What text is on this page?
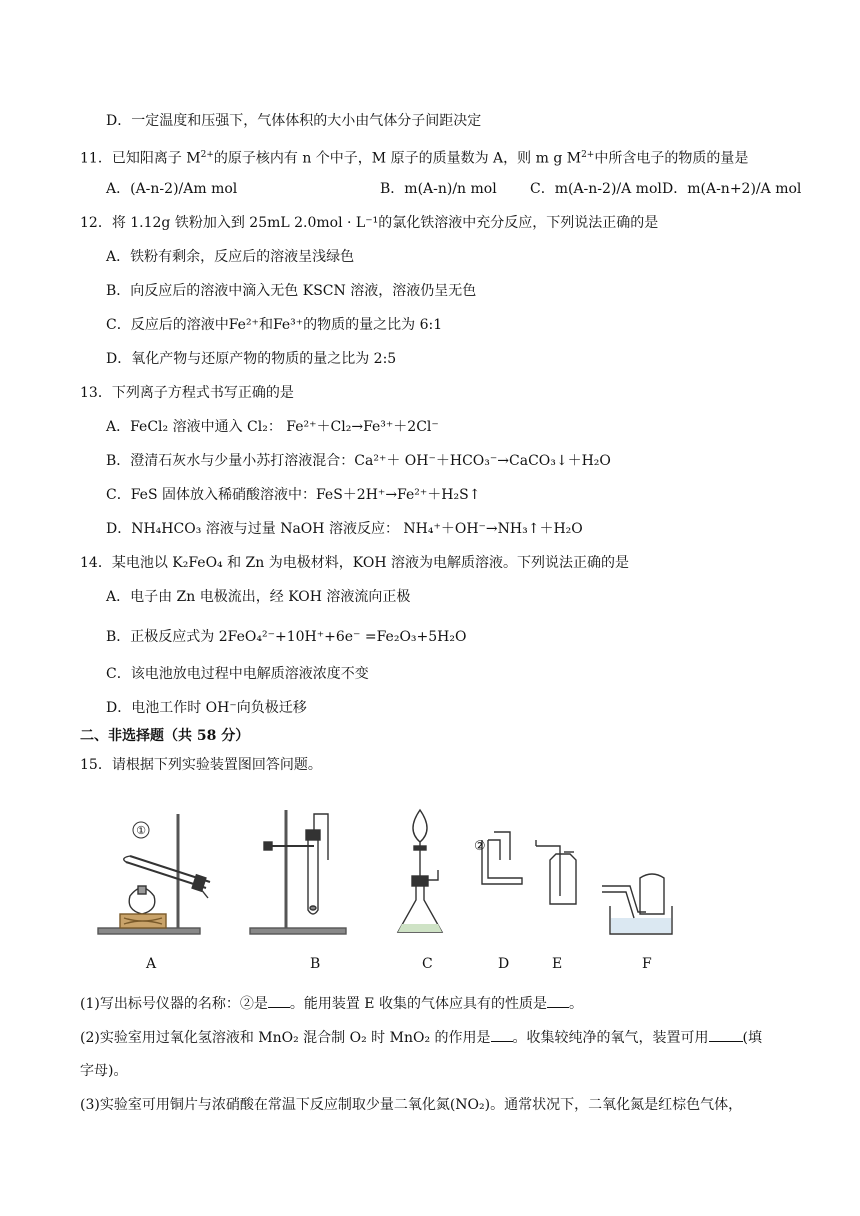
D．一定温度和压强下，气体体积的大小由气体分子间距决定
11．已知阳离子 $M^{2+}$的原子核内有 n 个中子，M 原子的质量数为 A，则 m g $M^{2+}$中所含电子的物质的量是
A．(A-n-2)/Am mol	B．m(A-n)/n mol C．m(A-n-2)/A mol D．m(A-n+2)/A mol
12．将 1.12g 铁粉加入到 25mL 2.0mol · L⁻¹的氯化铁溶液中充分反应，下列说法正确的是
A．铁粉有剩余，反应后的溶液呈浅绿色
B．向反应后的溶液中滴入无色 KSCN 溶液，溶液仍呈无色
C．反应后的溶液中Fe²⁺和Fe³⁺的物质的量之比为 6:1
D．氧化产物与还原产物的物质的量之比为 2:5
13．下列离子方程式书写正确的是
A．FeCl₂ 溶液中通入 Cl₂： Fe²⁺＋Cl₂→Fe³⁺＋2Cl⁻
B．澄清石灰水与少量小苏打溶液混合：Ca²⁺＋ OH⁻＋HCO₃⁻→CaCO₃↓＋H₂O
C．FeS 固体放入稀硝酸溶液中：FeS＋2H⁺→Fe²⁺＋H₂S↑
D．NH₄HCO₃ 溶液与过量 NaOH 溶液反应： NH₄⁺＋OH⁻→NH₃↑＋H₂O
14．某电池以 K₂FeO₄ 和 Zn 为电极材料，KOH 溶液为电解质溶液。下列说法正确的是
A．电子由 Zn 电极流出，经 KOH 溶液流向正极
B．正极反应式为 2FeO₄²⁻+10H⁺+6e⁻ =Fe₂O₃+5H₂O
C．该电池放电过程中电解质溶液浓度不变
D．电池工作时 OH⁻向负极迁移
二、非选择题（共 58 分）
15．请根据下列实验装置图回答问题。
①
②
A	B	C	D	E	F
(1)写出标号仪器的名称：②是 。能用装置 E 收集的气体应具有的性质是 。
(2)实验室用过氧化氢溶液和 MnO₂ 混合制 O₂ 时 MnO₂ 的作用是 。收集较纯净的氧气，装置可用 (填
字母)。
(3)实验室可用铜片与浓硝酸在常温下反应制取少量二氧化氮(NO₂)。通常状况下，二氧化氮是红棕色气体，
